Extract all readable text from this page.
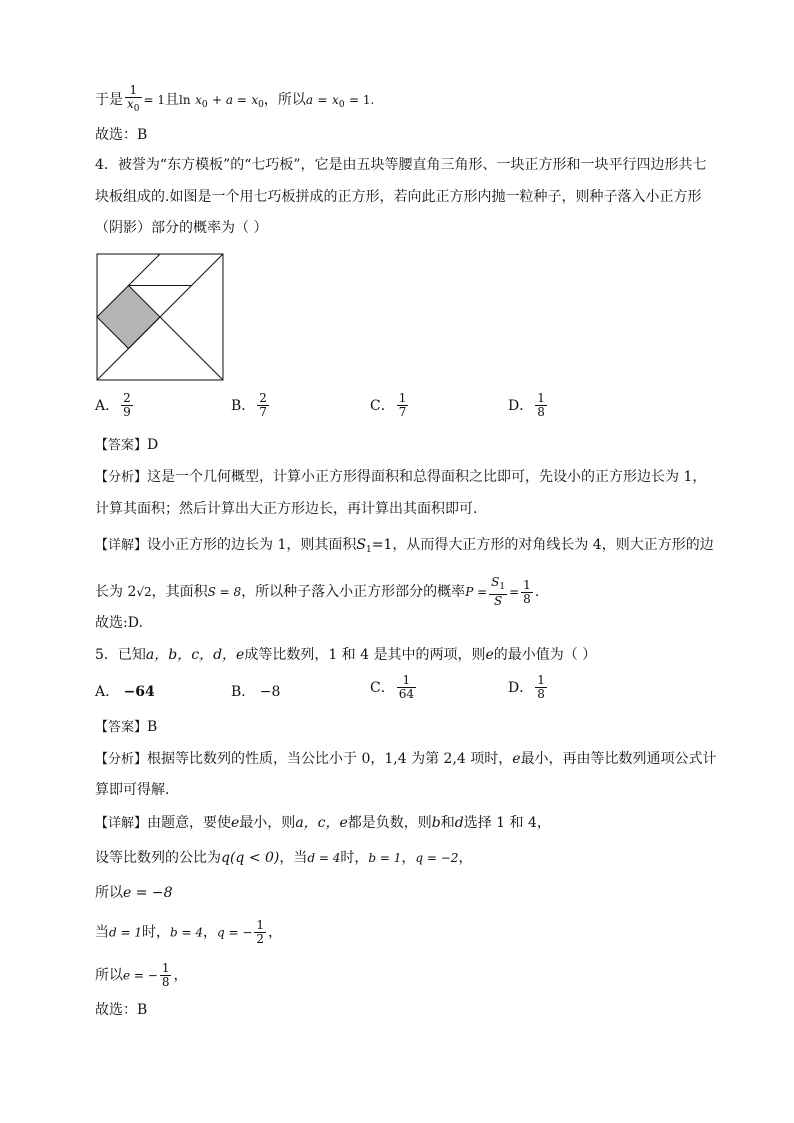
于是 $\frac{1}{x_0} = 1$且$\ln x_0 + a = x_0$，所以$a = x_0 = 1$.
故选：B
4．被誉为“东方模板”的“七巧板”，它是由五块等腰直角三角形、一块正方形和一块平行四边形共七
块板组成的.如图是一个用七巧板拼成的正方形，若向此正方形内抛一粒种子，则种子落入小正方形
（阴影）部分的概率为（ ）
A． $\frac{2}{9}$	B． $\frac{2}{7}$	C． $\frac{1}{7}$	D． $\frac{1}{8}$
【答案】D
【分析】这是一个几何概型，计算小正方形得面积和总得面积之比即可，先设小的正方形边长为 1，
计算其面积；然后计算出大正方形边长，再计算出其面积即可.
【详解】设小正方形的边长为 1，则其面积$S_1=1$，从而得大正方形的对角线长为 4，则大正方形的边
长为 2√2，其面积S = 8，所以种子落入小正方形部分的概率$P = \frac{S_1}{S} = \frac{1}{8}$ .
故选:D.
5．已知a，b，c，d，e成等比数列，1 和 4 是其中的两项，则e的最小值为（ ）
A． −64	B． −8	C． $\frac{1}{64}$	D． $\frac{1}{8}$
【答案】B
【分析】根据等比数列的性质，当公比小于 0，1,4 为第 2,4 项时，e最小，再由等比数列通项公式计
算即可得解.
【详解】由题意，要使e最小，则a，c，e都是负数，则b和d选择 1 和 4，
设等比数列的公比为q(q < 0)，当d = 4时，b = 1，q = −2，
所以e = −8
当d = 1时，b = 4，q = − $\frac{1}{2}$ ，
所以e = − $\frac{1}{8}$ ，
故选：B
